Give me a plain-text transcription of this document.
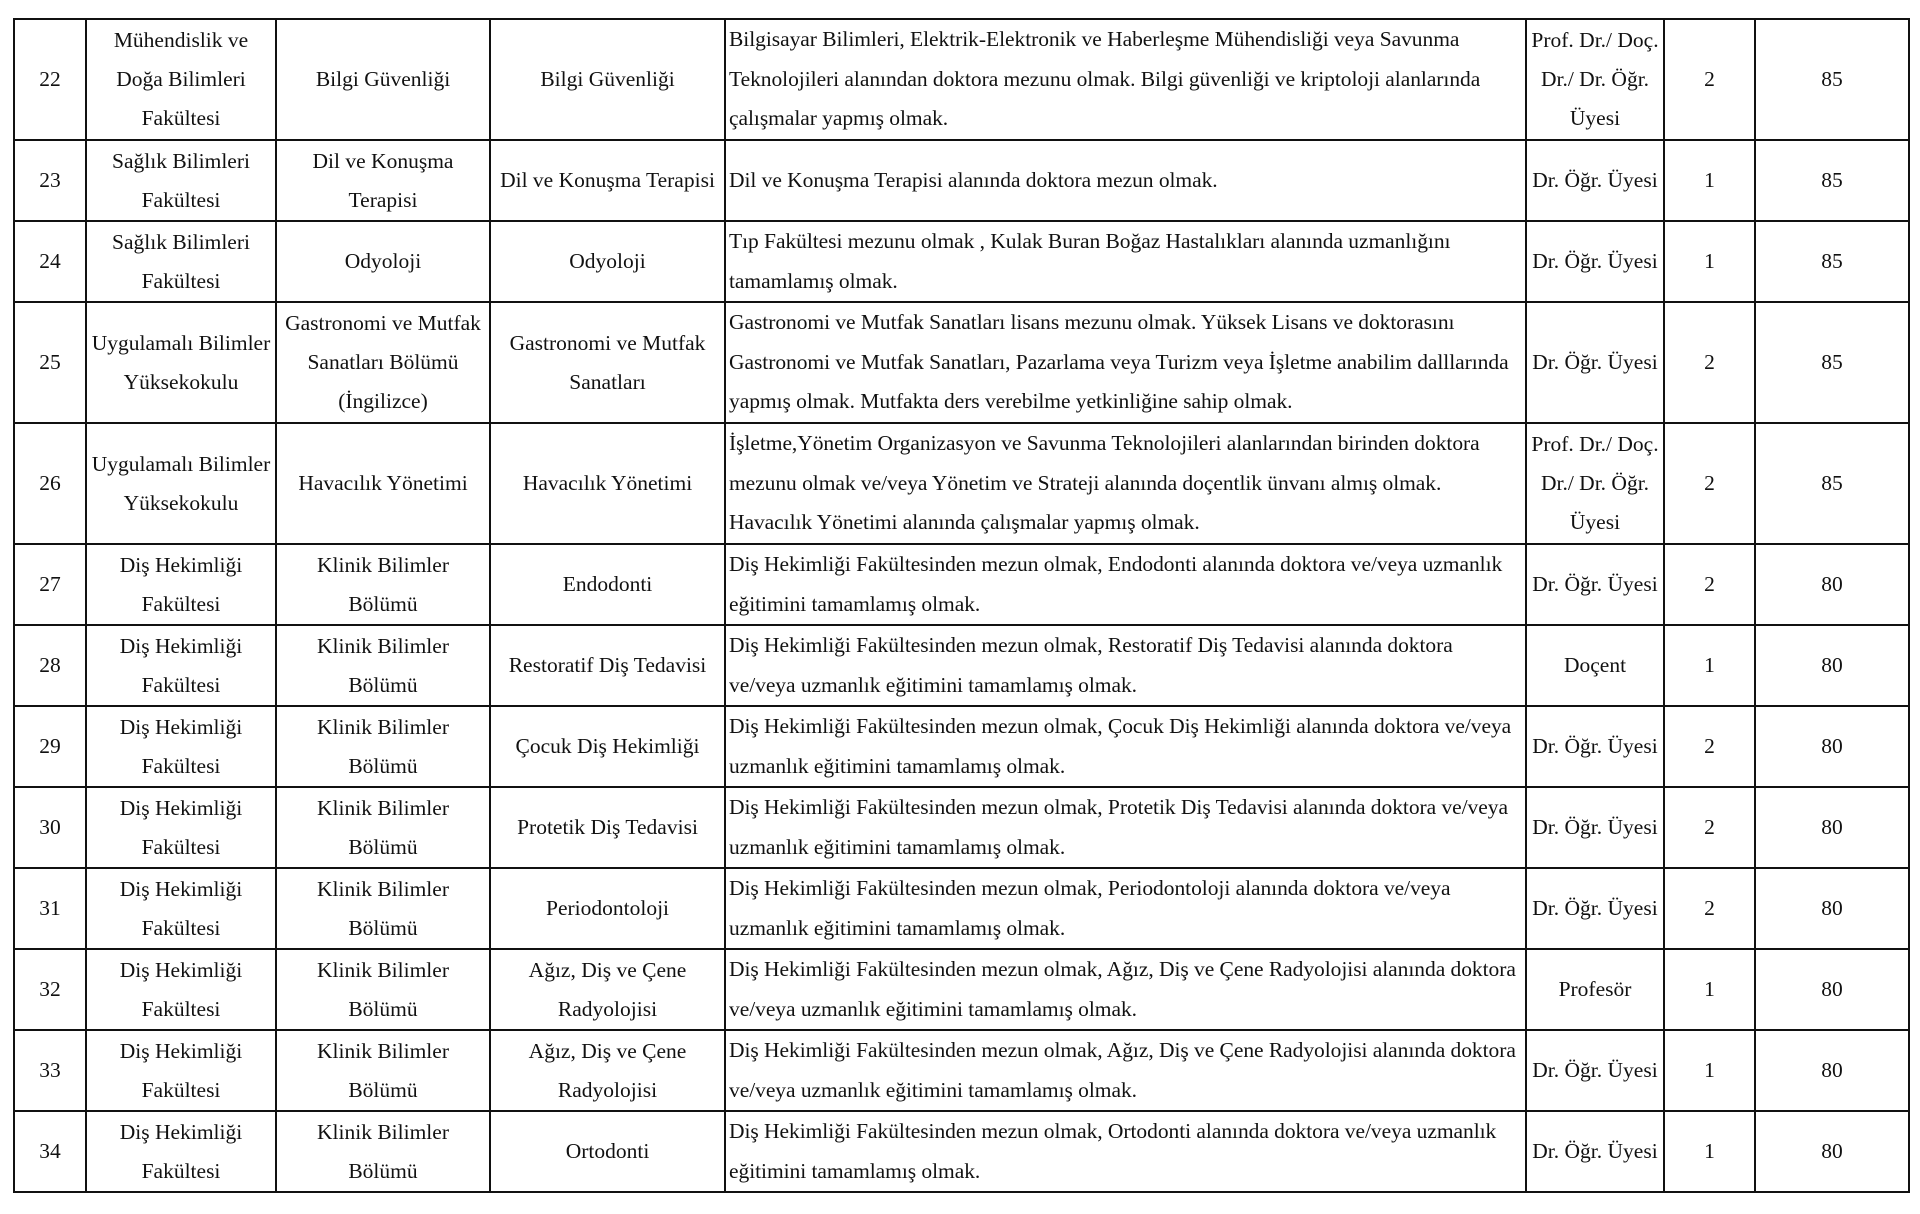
22	Mühendislik ve Doğa Bilimleri Fakültesi	Bilgi Güvenliği	Bilgi Güvenliği	Bilgisayar Bilimleri, Elektrik-Elektronik ve Haberleşme Mühendisliği veya Savunma Teknolojileri alanından doktora mezunu olmak. Bilgi güvenliği ve kriptoloji alanlarında çalışmalar yapmış olmak.	Prof. Dr./ Doç. Dr./ Dr. Öğr. Üyesi	2	85
23	Sağlık Bilimleri Fakültesi	Dil ve Konuşma Terapisi	Dil ve Konuşma Terapisi	Dil ve Konuşma Terapisi alanında doktora mezun olmak.	Dr. Öğr. Üyesi	1	85
24	Sağlık Bilimleri Fakültesi	Odyoloji	Odyoloji	Tıp Fakültesi mezunu olmak , Kulak Buran Boğaz Hastalıkları alanında uzmanlığını tamamlamış olmak.	Dr. Öğr. Üyesi	1	85
25	Uygulamalı Bilimler Yüksekokulu	Gastronomi ve Mutfak Sanatları Bölümü (İngilizce)	Gastronomi ve Mutfak Sanatları	Gastronomi ve Mutfak Sanatları lisans mezunu olmak. Yüksek Lisans ve doktorasını Gastronomi ve Mutfak Sanatları, Pazarlama veya Turizm veya İşletme anabilim dalllarında yapmış olmak. Mutfakta ders verebilme yetkinliğine sahip olmak.	Dr. Öğr. Üyesi	2	85
26	Uygulamalı Bilimler Yüksekokulu	Havacılık Yönetimi	Havacılık Yönetimi	İşletme,Yönetim Organizasyon ve Savunma Teknolojileri alanlarından birinden doktora mezunu olmak ve/veya Yönetim ve Strateji alanında doçentlik ünvanı almış olmak. Havacılık Yönetimi alanında çalışmalar yapmış olmak.	Prof. Dr./ Doç. Dr./ Dr. Öğr. Üyesi	2	85
27	Diş Hekimliği Fakültesi	Klinik Bilimler Bölümü	Endodonti	Diş Hekimliği Fakültesinden mezun olmak, Endodonti alanında doktora ve/veya uzmanlık eğitimini tamamlamış olmak.	Dr. Öğr. Üyesi	2	80
28	Diş Hekimliği Fakültesi	Klinik Bilimler Bölümü	Restoratif Diş Tedavisi	Diş Hekimliği Fakültesinden mezun olmak, Restoratif Diş Tedavisi alanında doktora ve/veya uzmanlık eğitimini tamamlamış olmak.	Doçent	1	80
29	Diş Hekimliği Fakültesi	Klinik Bilimler Bölümü	Çocuk Diş Hekimliği	Diş Hekimliği Fakültesinden mezun olmak, Çocuk Diş Hekimliği alanında doktora ve/veya uzmanlık eğitimini tamamlamış olmak.	Dr. Öğr. Üyesi	2	80
30	Diş Hekimliği Fakültesi	Klinik Bilimler Bölümü	Protetik Diş Tedavisi	Diş Hekimliği Fakültesinden mezun olmak, Protetik Diş Tedavisi alanında doktora ve/veya uzmanlık eğitimini tamamlamış olmak.	Dr. Öğr. Üyesi	2	80
31	Diş Hekimliği Fakültesi	Klinik Bilimler Bölümü	Periodontoloji	Diş Hekimliği Fakültesinden mezun olmak, Periodontoloji alanında doktora ve/veya uzmanlık eğitimini tamamlamış olmak.	Dr. Öğr. Üyesi	2	80
32	Diş Hekimliği Fakültesi	Klinik Bilimler Bölümü	Ağız, Diş ve Çene Radyolojisi	Diş Hekimliği Fakültesinden mezun olmak, Ağız, Diş ve Çene Radyolojisi alanında doktora ve/veya uzmanlık eğitimini tamamlamış olmak.	Profesör	1	80
33	Diş Hekimliği Fakültesi	Klinik Bilimler Bölümü	Ağız, Diş ve Çene Radyolojisi	Diş Hekimliği Fakültesinden mezun olmak, Ağız, Diş ve Çene Radyolojisi alanında doktora ve/veya uzmanlık eğitimini tamamlamış olmak.	Dr. Öğr. Üyesi	1	80
34	Diş Hekimliği Fakültesi	Klinik Bilimler Bölümü	Ortodonti	Diş Hekimliği Fakültesinden mezun olmak, Ortodonti alanında doktora ve/veya uzmanlık eğitimini tamamlamış olmak.	Dr. Öğr. Üyesi	1	80
